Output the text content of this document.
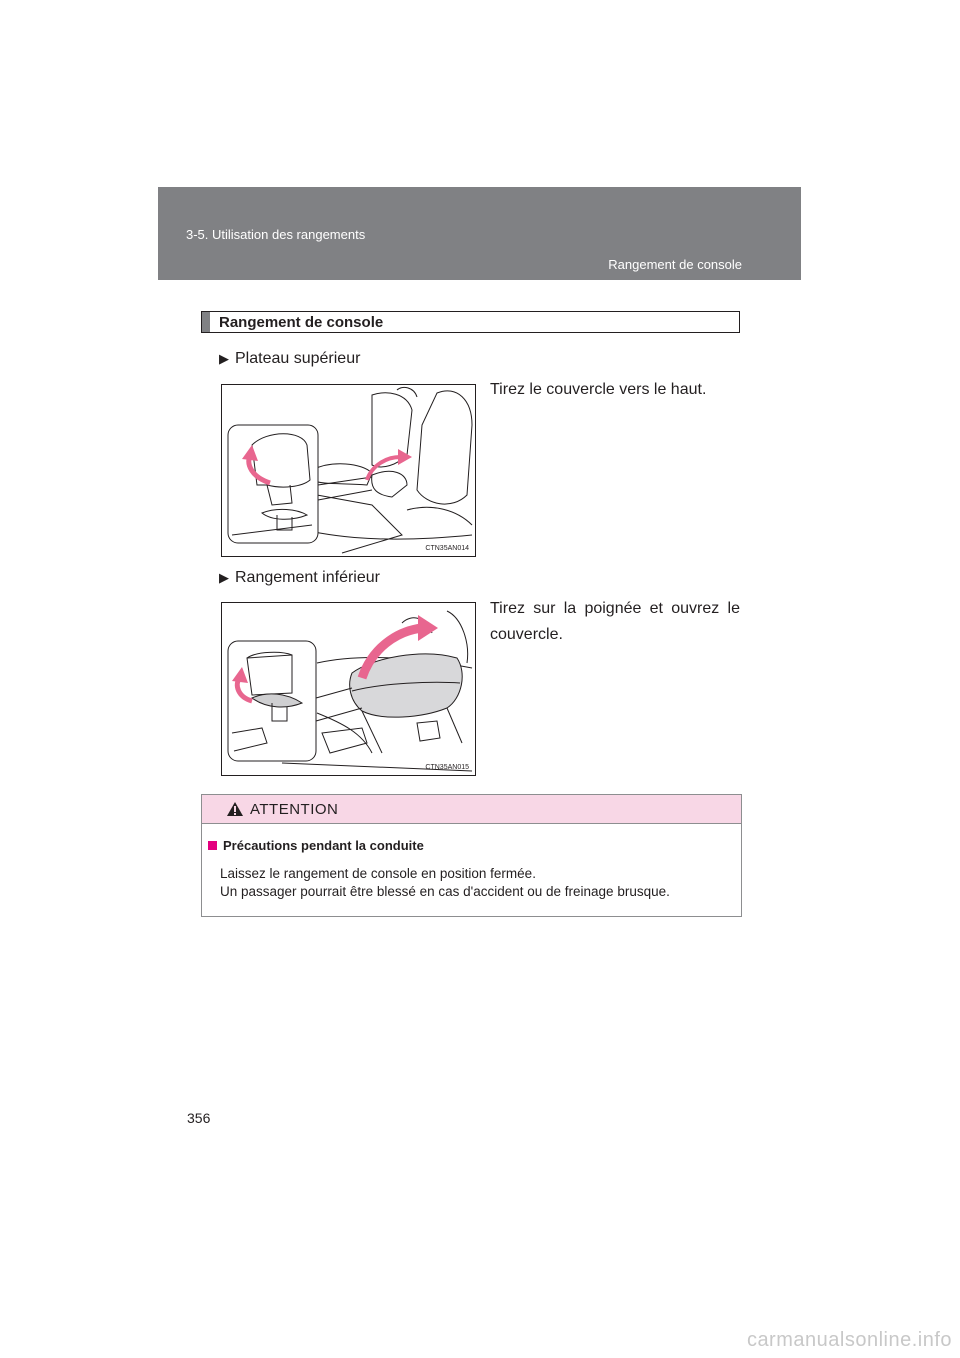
3-5. Utilisation des rangements
Rangement de console
Rangement de console
▶ Plateau supérieur
Tirez le couvercle vers le haut.
CTN35AN014
▶ Rangement inférieur
Tirez sur la poignée et ouvrez le couvercle.
CTN35AN015
ATTENTION
Précautions pendant la conduite
Laissez le rangement de console en position fermée.
Un passager pourrait être blessé en cas d'accident ou de freinage brusque.
356
carmanualsonline.info
